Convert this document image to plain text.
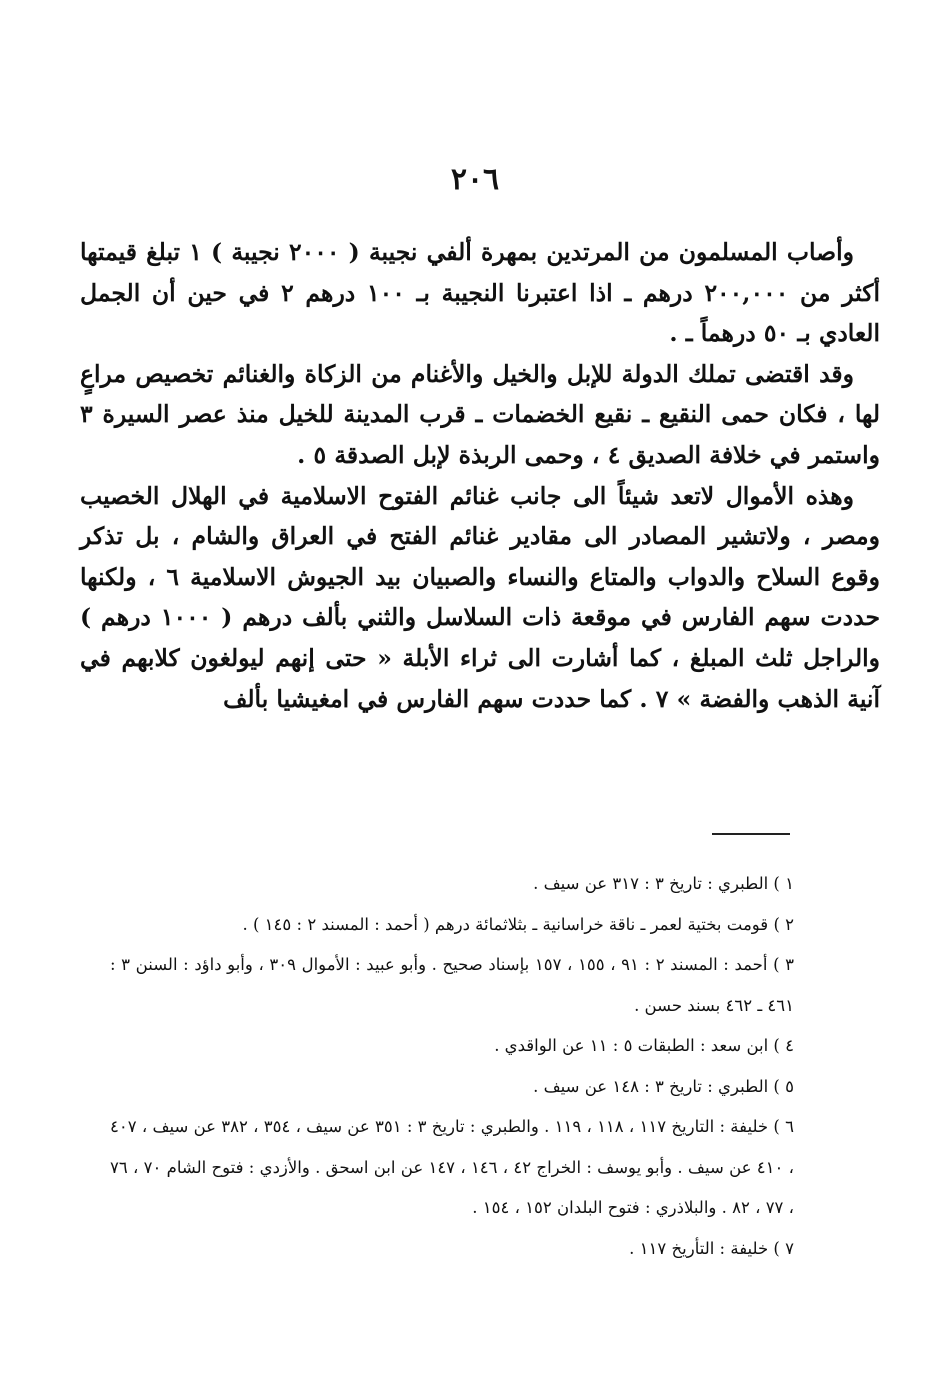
٢٠٦

وأصاب المسلمون من المرتدين بمهرة ألفي نجيبة ( ٢٠٠٠ نجيبة ) ١ تبلغ قيمتها أكثر من ٢٠٠,٠٠٠ درهم ـ اذا اعتبرنا النجيبة بـ ١٠٠ درهم ٢ في حين أن الجمل العادي بـ ٥٠ درهماً ـ .

وقد اقتضى تملك الدولة للإبل والخيل والأغنام من الزكاة والغنائم تخصيص مراعٍ لها ، فكان حمى النقيع ـ نقيع الخضمات ـ قرب المدينة للخيل منذ عصر السيرة ٣ واستمر في خلافة الصديق ٤ ، وحمى الربذة لإبل الصدقة ٥ .

وهذه الأموال لاتعد شيئاً الى جانب غنائم الفتوح الاسلامية في الهلال الخصيب ومصر ، ولاتشير المصادر الى مقادير غنائم الفتح في العراق والشام ، بل تذكر وقوع السلاح والدواب والمتاع والنساء والصبيان بيد الجيوش الاسلامية ٦ ، ولكنها حددت سهم الفارس في موقعة ذات السلاسل والثني بألف درهم ( ١٠٠٠ درهم ) والراجل ثلث المبلغ ، كما أشارت الى ثراء الأبلة « حتى إنهم ليولغون كلابهم في آنية الذهب والفضة » ٧ . كما حددت سهم الفارس في امغيشيا بألف

١ ) الطبري : تاريخ ٣ : ٣١٧ عن سيف .

٢ ) قومت بختية لعمر ـ ناقة خراسانية ـ بثلاثمائة درهم ( أحمد : المسند ٢ : ١٤٥ ) .

٣ ) أحمد : المسند ٢ : ٩١ ، ١٥٥ ، ١٥٧ بإسناد صحيح . وأبو عبيد : الأموال ٣٠٩ ، وأبو داؤد : السنن ٣ : ٤٦١ ـ ٤٦٢ بسند حسن .

٤ ) ابن سعد : الطبقات ٥ : ١١ عن الواقدي .

٥ ) الطبري : تاريخ ٣ : ١٤٨ عن سيف .

٦ ) خليفة : التاريخ ١١٧ ، ١١٨ ، ١١٩ . والطبري : تاريخ ٣ : ٣٥١ عن سيف ، ٣٥٤ ، ٣٨٢ عن سيف ، ٤٠٧ ، ٤١٠ عن سيف . وأبو يوسف : الخراج ٤٢ ، ١٤٦ ، ١٤٧ عن ابن اسحق . والأزدي : فتوح الشام ٧٠ ، ٧٦ ، ٧٧ ، ٨٢ . والبلاذري : فتوح البلدان ١٥٢ ، ١٥٤ .

٧ ) خليفة : التأريخ ١١٧ .
